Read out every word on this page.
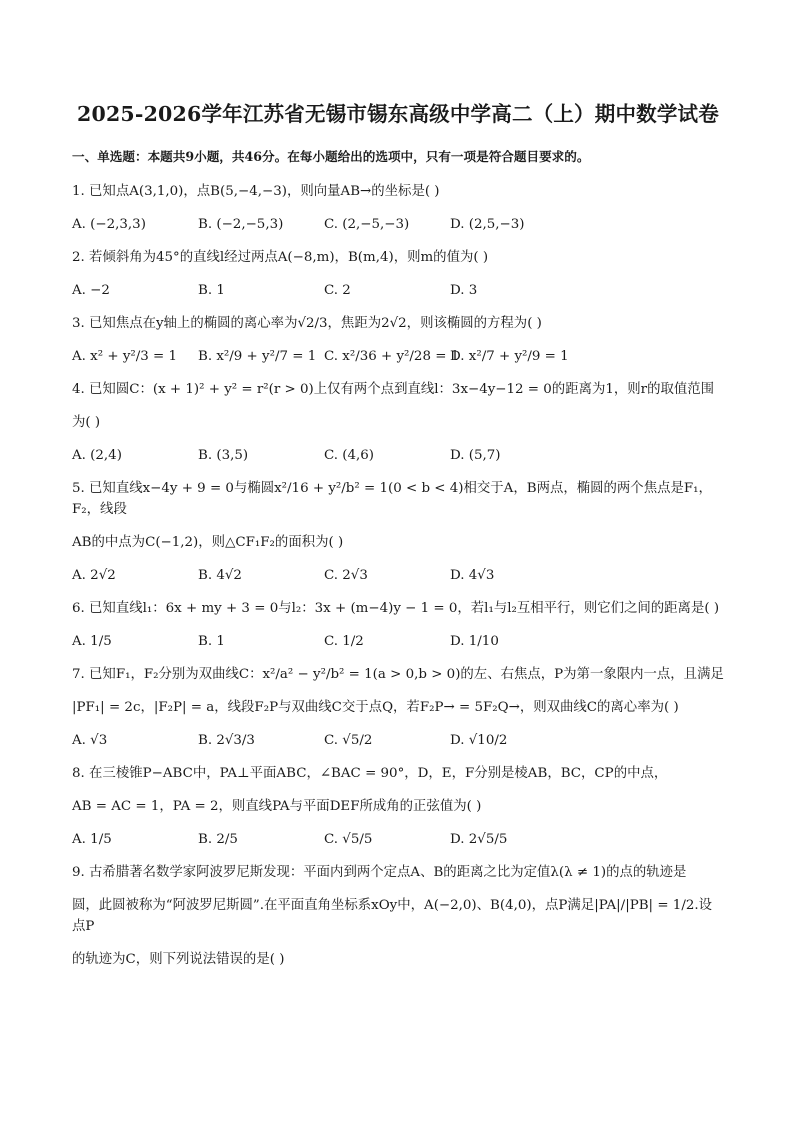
2025-2026学年江苏省无锡市锡东高级中学高二（上）期中数学试卷
一、单选题：本题共9小题，共46分。在每小题给出的选项中，只有一项是符合题目要求的。
1. 已知点A(3,1,0)，点B(5,−4,−3)，则向量AB→的坐标是( )
A. (−2,3,3)	B. (−2,−5,3)	C. (2,−5,−3)	D. (2,5,−3)
2. 若倾斜角为45°的直线l经过两点A(−8,m)，B(m,4)，则m的值为( )
A. −2	B. 1	C. 2	D. 3
3. 已知焦点在y轴上的椭圆的离心率为√2/3，焦距为2√2，则该椭圆的方程为( )
A. x² + y²/3 = 1	B. x²/9 + y²/7 = 1 C. x²/36 + y²/28 = 1
D. x²/7 + y²/9 = 1
4. 已知圆C：(x + 1)² + y² = r²(r > 0)上仅有两个点到直线l：3x−4y−12 = 0的距离为1，则r的取值范围
为( )
A. (2,4)	B. (3,5)	C. (4,6)	D. (5,7)
5. 已知直线x−4y + 9 = 0与椭圆x²/16 + y²/b² = 1(0 < b < 4)相交于A，B两点，椭圆的两个焦点是F₁，F₂，线段
AB的中点为C(−1,2)，则△CF₁F₂的面积为( )
A. 2√2	B. 4√2	C. 2√3	D. 4√3
6. 已知直线l₁：6x + my + 3 = 0与l₂：3x + (m−4)y − 1 = 0，若l₁与l₂互相平行，则它们之间的距离是( )
A. 1/5	B. 1	C. 1/2	D. 1/10
7. 已知F₁，F₂分别为双曲线C：x²/a² − y²/b² = 1(a > 0,b > 0)的左、右焦点，P为第一象限内一点，且满足
|PF₁| = 2c，|F₂P| = a，线段F₂P与双曲线C交于点Q，若F₂P→ = 5F₂Q→，则双曲线C的离心率为( )
A. √3	B. 2√3/3	C. √5/2	D. √10/2
8. 在三棱锥P−ABC中，PA⊥平面ABC，∠BAC = 90°，D，E，F分别是棱AB，BC，CP的中点，
AB = AC = 1，PA = 2，则直线PA与平面DEF所成角的正弦值为( )
A. 1/5	B. 2/5	C. √5/5	D. 2√5/5
9. 古希腊著名数学家阿波罗尼斯发现：平面内到两个定点A、B的距离之比为定值λ(λ ≠ 1)的点的轨迹是
圆，此圆被称为“阿波罗尼斯圆”.在平面直角坐标系xOy中，A(−2,0)、B(4,0)，点P满足|PA|/|PB| = 1/2.设点P
的轨迹为C，则下列说法错误的是( )
